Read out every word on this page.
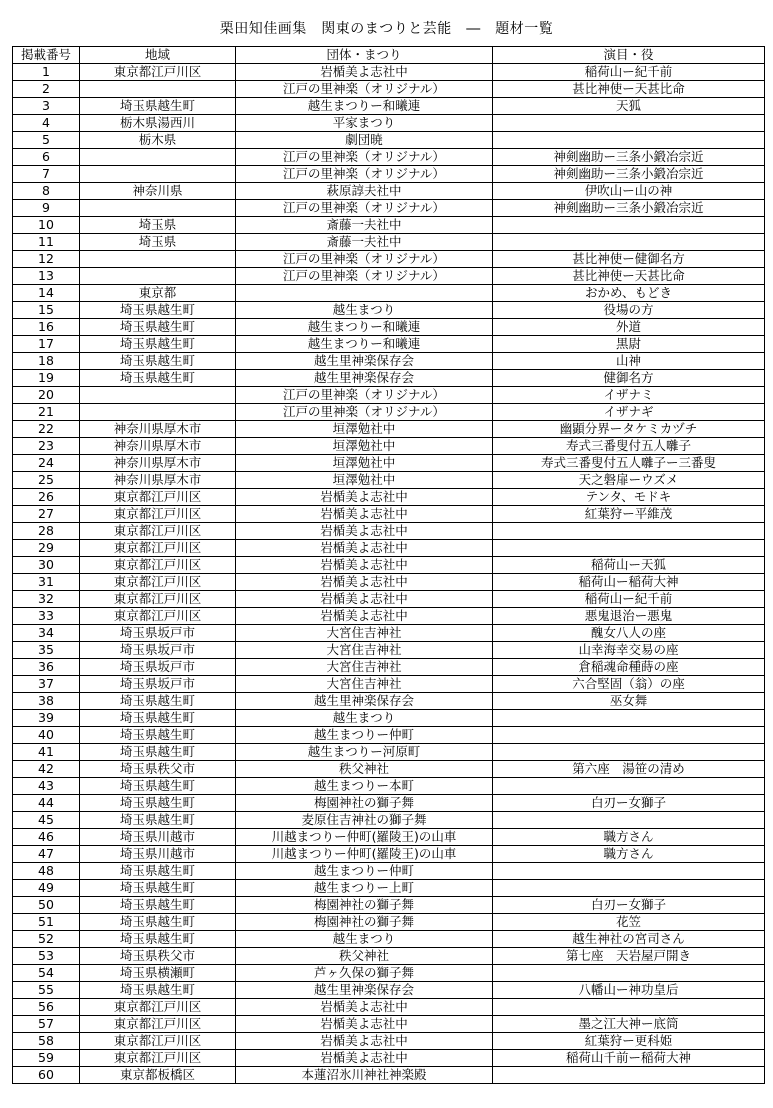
栗田知佳画集　関東のまつりと芸能　―　題材一覧
掲載番号	地域	団体・まつり	演目・役
1	東京都江戸川区	岩楯美よ志社中	稲荷山ー紀千前
2		江戸の里神楽（オリジナル）	甚比神使ー天甚比命
3	埼玉県越生町	越生まつりー和曦連	天狐
4	栃木県湯西川	平家まつり	
5	栃木県	劇団暁	
6		江戸の里神楽（オリジナル）	神剣幽助ー三条小鍛冶宗近
7		江戸の里神楽（オリジナル）	神剣幽助ー三条小鍛冶宗近
8	神奈川県	萩原諄夫社中	伊吹山ー山の神
9		江戸の里神楽（オリジナル）	神剣幽助ー三条小鍛冶宗近
10	埼玉県	斎藤一夫社中	
11	埼玉県	斎藤一夫社中	
12		江戸の里神楽（オリジナル）	甚比神使ー健御名方
13		江戸の里神楽（オリジナル）	甚比神使ー天甚比命
14	東京都		おかめ、もどき
15	埼玉県越生町	越生まつり	役場の方
16	埼玉県越生町	越生まつりー和曦連	外道
17	埼玉県越生町	越生まつりー和曦連	黒尉
18	埼玉県越生町	越生里神楽保存会	山神
19	埼玉県越生町	越生里神楽保存会	健御名方
20		江戸の里神楽（オリジナル）	イザナミ
21		江戸の里神楽（オリジナル）	イザナギ
22	神奈川県厚木市	垣澤勉社中	幽顕分界ータケミカヅチ
23	神奈川県厚木市	垣澤勉社中	寿式三番叟付五人囃子
24	神奈川県厚木市	垣澤勉社中	寿式三番叟付五人囃子ー三番叟
25	神奈川県厚木市	垣澤勉社中	天之磐扉ーウズメ
26	東京都江戸川区	岩楯美よ志社中	テンタ、モドキ
27	東京都江戸川区	岩楯美よ志社中	紅葉狩ー平維茂
28	東京都江戸川区	岩楯美よ志社中	
29	東京都江戸川区	岩楯美よ志社中	
30	東京都江戸川区	岩楯美よ志社中	稲荷山ー天狐
31	東京都江戸川区	岩楯美よ志社中	稲荷山ー稲荷大神
32	東京都江戸川区	岩楯美よ志社中	稲荷山ー紀千前
33	東京都江戸川区	岩楯美よ志社中	悪鬼退治ー悪鬼
34	埼玉県坂戸市	大宮住吉神社	醜女八人の座
35	埼玉県坂戸市	大宮住吉神社	山幸海幸交易の座
36	埼玉県坂戸市	大宮住吉神社	倉稲魂命種蒔の座
37	埼玉県坂戸市	大宮住吉神社	六合堅固（翁）の座
38	埼玉県越生町	越生里神楽保存会	巫女舞
39	埼玉県越生町	越生まつり	
40	埼玉県越生町	越生まつりー仲町	
41	埼玉県越生町	越生まつりー河原町	
42	埼玉県秩父市	秩父神社	第六座　湯笹の清め
43	埼玉県越生町	越生まつりー本町	
44	埼玉県越生町	梅園神社の獅子舞	白刃ー女獅子
45	埼玉県越生町	麦原住吉神社の獅子舞	
46	埼玉県川越市	川越まつりー仲町(羅陵王)の山車	職方さん
47	埼玉県川越市	川越まつりー仲町(羅陵王)の山車	職方さん
48	埼玉県越生町	越生まつりー仲町	
49	埼玉県越生町	越生まつりー上町	
50	埼玉県越生町	梅園神社の獅子舞	白刃ー女獅子
51	埼玉県越生町	梅園神社の獅子舞	花笠
52	埼玉県越生町	越生まつり	越生神社の宮司さん
53	埼玉県秩父市	秩父神社	第七座　天岩屋戸開き
54	埼玉県横瀬町	芦ヶ久保の獅子舞	
55	埼玉県越生町	越生里神楽保存会	八幡山ー神功皇后
56	東京都江戸川区	岩楯美よ志社中	
57	東京都江戸川区	岩楯美よ志社中	墨之江大神ー底筒
58	東京都江戸川区	岩楯美よ志社中	紅葉狩ー更科姫
59	東京都江戸川区	岩楯美よ志社中	稲荷山千前ー稲荷大神
60	東京都板橋区	本蓮沼氷川神社神楽殿	
